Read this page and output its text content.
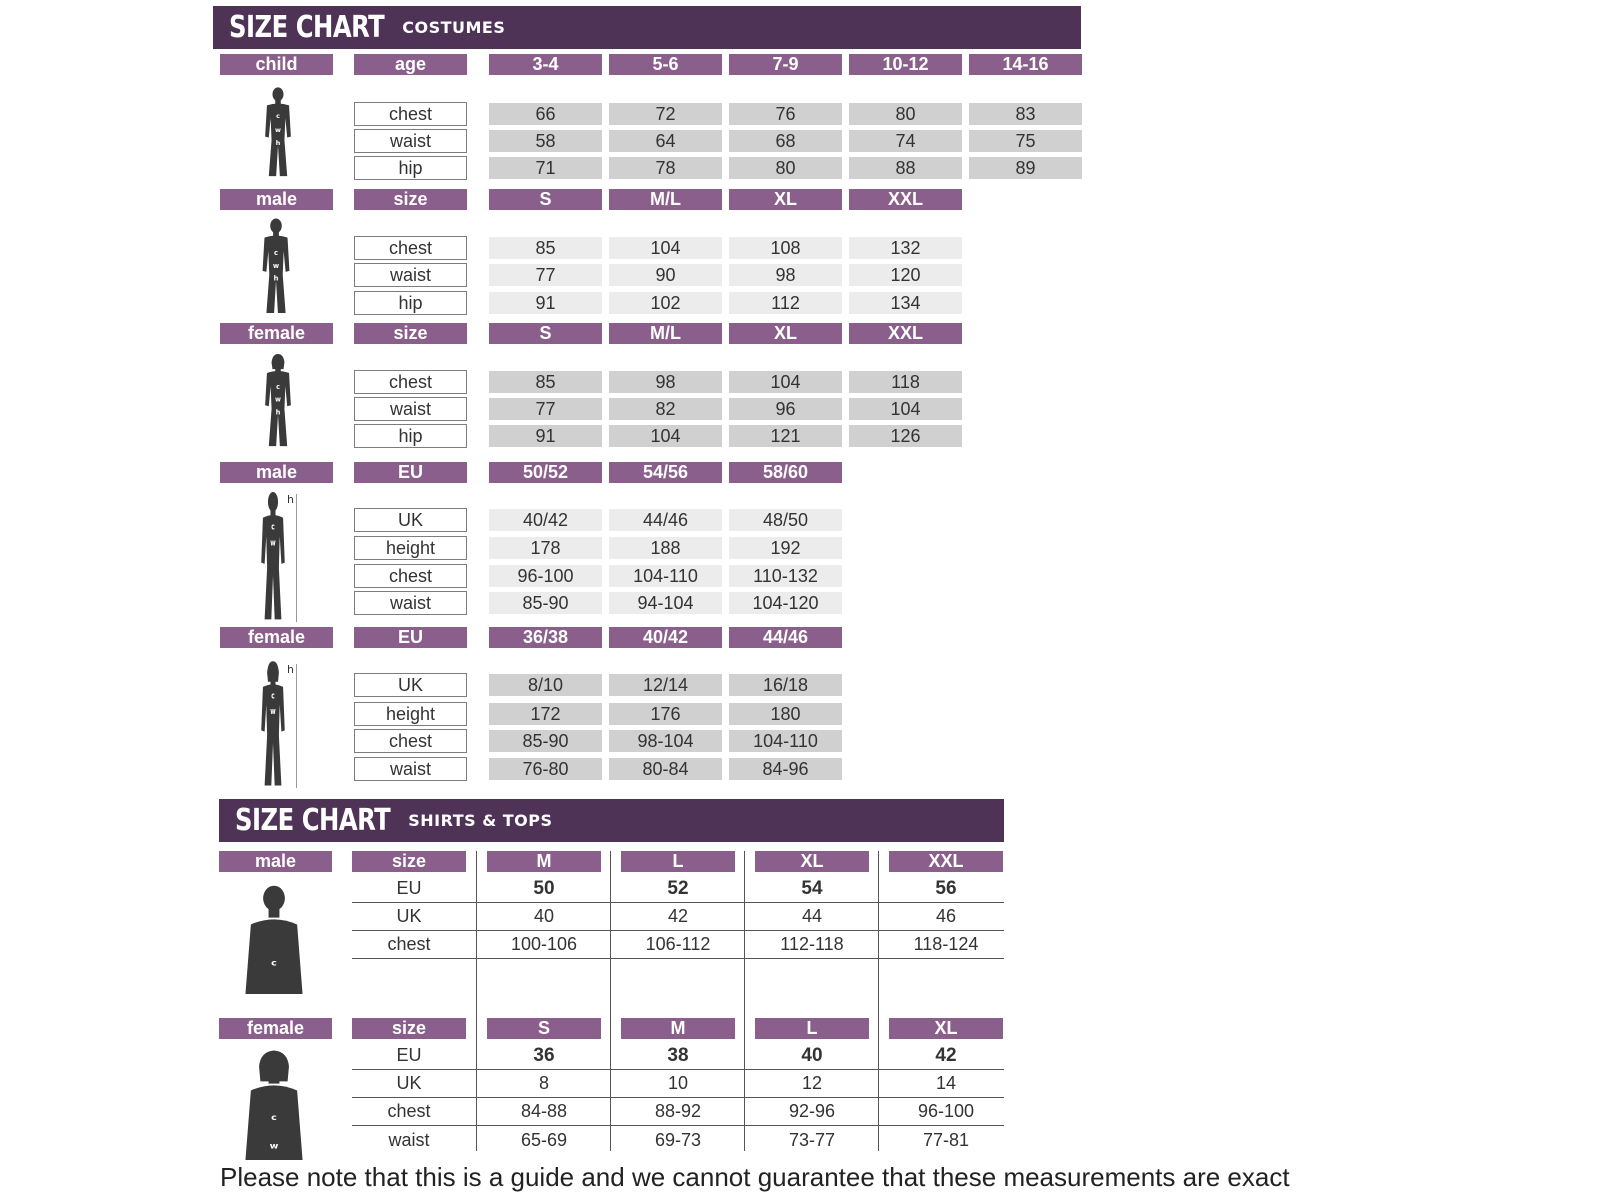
SIZE CHART COSTUMES
child	age	3-4	5-6	7-9	10-12	14-16
chest	66	72	76	80	83
waist	58	64	68	74	75
hip	71	78	80	88	89
c
w
h
male	size	S	M/L	XL	XXL
chest	85	104	108	132
waist	77	90	98	120
hip	91	102	112	134
c
w
h
female	size	S	M/L	XL	XXL
chest	85	98	104	118
waist	77	82	96	104
hip	91	104	121	126
c
w
h
male	EU	50/52	54/56	58/60
UK	40/42	44/46	48/50
height	178	188	192
chest	96-100	104-110	110-132
waist	85-90	94-104	104-120
c
w
h
female	EU	36/38	40/42	44/46
UK	8/10	12/14	16/18
height	172	176	180
chest	85-90	98-104	104-110
waist	76-80	80-84	84-96
c
w
h
SIZE CHART SHIRTS & TOPS
male	size	M	L	XL	XXL
EU	50	52	54	56
UK	40	42	44	46
chest	100-106	106-112	112-118	118-124
c
female	size	S	M	L	XL
EU	36	38	40	42
UK	8	10	12	14
chest	84-88	88-92	92-96	96-100
waist	65-69	69-73	73-77	77-81
c
w
Please note that this is a guide and we cannot guarantee that these measurements are exact
